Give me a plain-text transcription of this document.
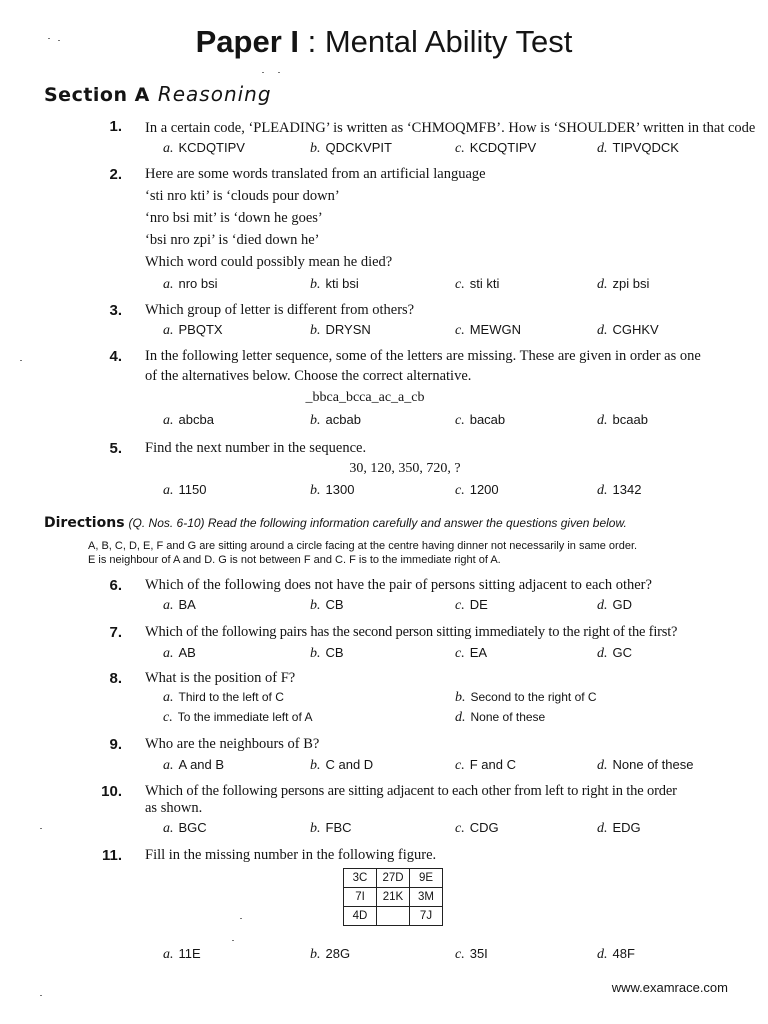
Paper I : Mental Ability Test
Section A Reasoning
1. In a certain code, ‘PLEADING’ is written as ‘CHMOQMFB’. How is ‘SHOULDER’ written in that code
a. KCDQTIPV	b. QDCKVPIT	c. KCDQTIPV	d. TIPVQDCK
2. Here are some words translated from an artificial language
‘sti nro kti’ is ‘clouds pour down’
‘nro bsi mit’ is ‘down he goes’
‘bsi nro zpi’ is ‘died down he’
Which word could possibly mean he died?
a. nro bsi	b. kti bsi	c. sti kti	d. zpi bsi
3. Which group of letter is different from others?
a. PBQTX	b. DRYSN	c. MEWGN	d. CGHKV
4. In the following letter sequence, some of the letters are missing. These are given in order as one
of the alternatives below. Choose the correct alternative.
_bbca_bcca_ac_a_cb
a. abcba	b. acbab	c. bacab	d. bcaab
5. Find the next number in the sequence.
30, 120, 350, 720, ?
a. 1150	b. 1300	c. 1200	d. 1342
Directions (Q. Nos. 6-10) Read the following information carefully and answer the questions given below.
A, B, C, D, E, F and G are sitting around a circle facing at the centre having dinner not necessarily in same order.
E is neighbour of A and D. G is not between F and C. F is to the immediate right of A.
6. Which of the following does not have the pair of persons sitting adjacent to each other?
a. BA	b. CB	c. DE	d. GD
7. Which of the following pairs has the second person sitting immediately to the right of the first?
a. AB	b. CB	c. EA	d. GC
8. What is the position of F?
a. Third to the left of C	b. Second to the right of C
c. To the immediate left of A	d. None of these
9. Who are the neighbours of B?
a. A and B	b. C and D	c. F and C	d. None of these
10. Which of the following persons are sitting adjacent to each other from left to right in the order
as shown.
a. BGC	b. FBC	c. CDG	d. EDG
11. Fill in the missing number in the following figure.
3C	27D	9E
7I	21K	3M
4D		7J
a. 11E	b. 28G	c. 35I	d. 48F
www.examrace.com
